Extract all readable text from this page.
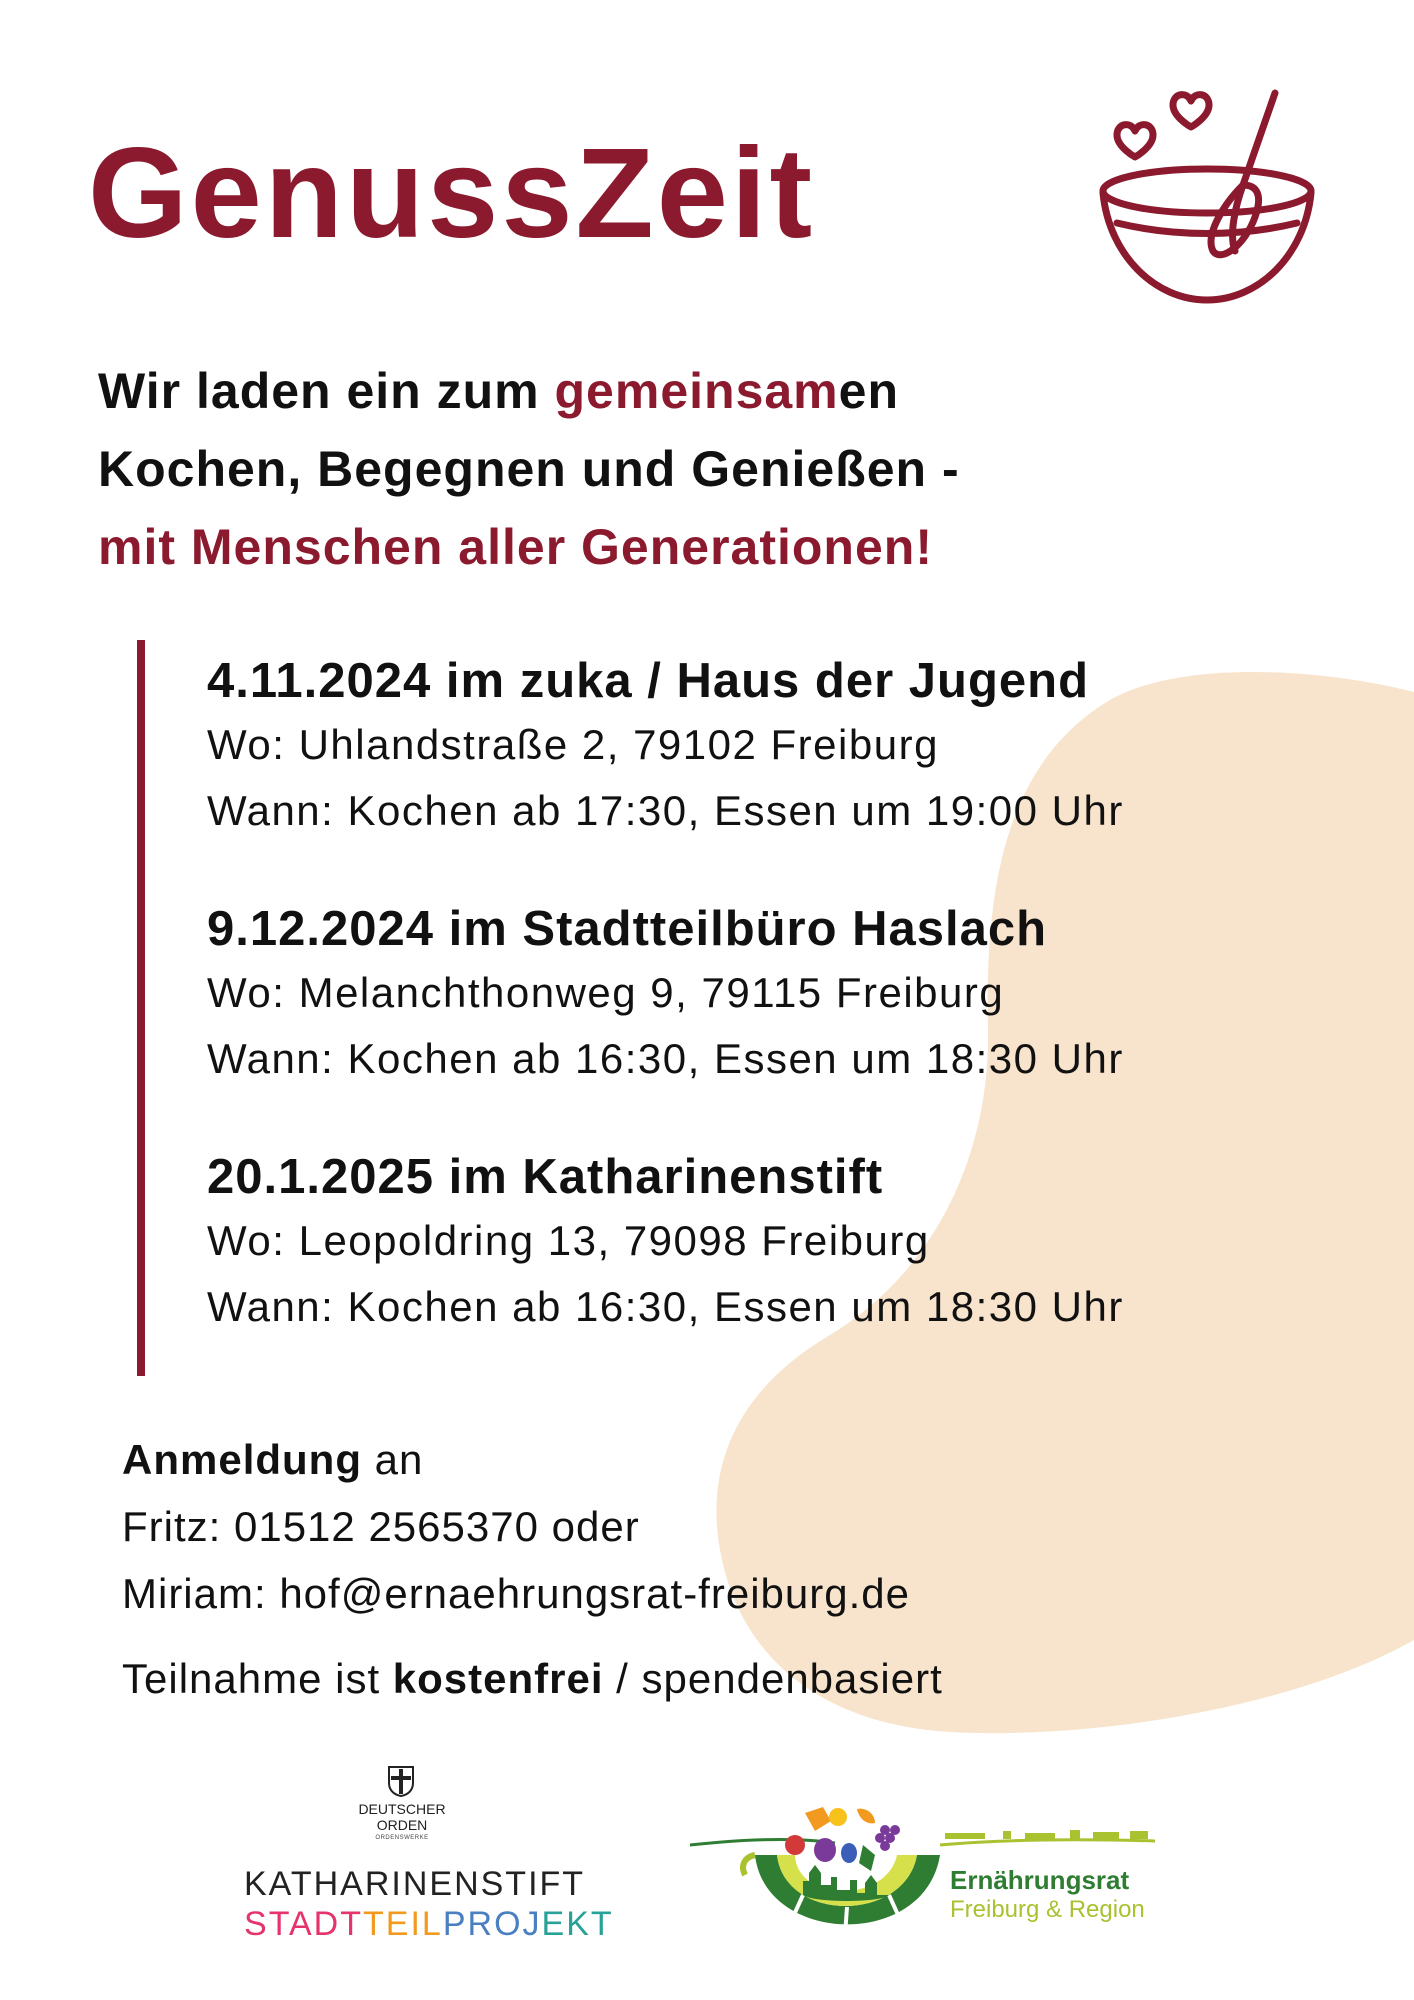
GenussZeit
Wir laden ein zum gemeinsamen
Kochen, Begegnen und Genießen -
mit Menschen aller Generationen!
4.11.2024 im zuka / Haus der Jugend
Wo: Uhlandstraße 2, 79102 Freiburg
Wann: Kochen ab 17:30, Essen um 19:00 Uhr
9.12.2024 im Stadtteilbüro Haslach
Wo: Melanchthonweg 9, 79115 Freiburg
Wann: Kochen ab 16:30, Essen um 18:30 Uhr
20.1.2025 im Katharinenstift
Wo: Leopoldring 13, 79098 Freiburg
Wann: Kochen ab 16:30, Essen um 18:30 Uhr
Anmeldung an
Fritz: 01512 2565370 oder
Miriam: hof@ernaehrungsrat-freiburg.de
Teilnahme ist kostenfrei / spendenbasiert
DEUTSCHER
ORDEN
ORDENSWERKE
KATHARINENSTIFT
STADTTEILPROJEKT
Ernährungsrat
Freiburg & Region
